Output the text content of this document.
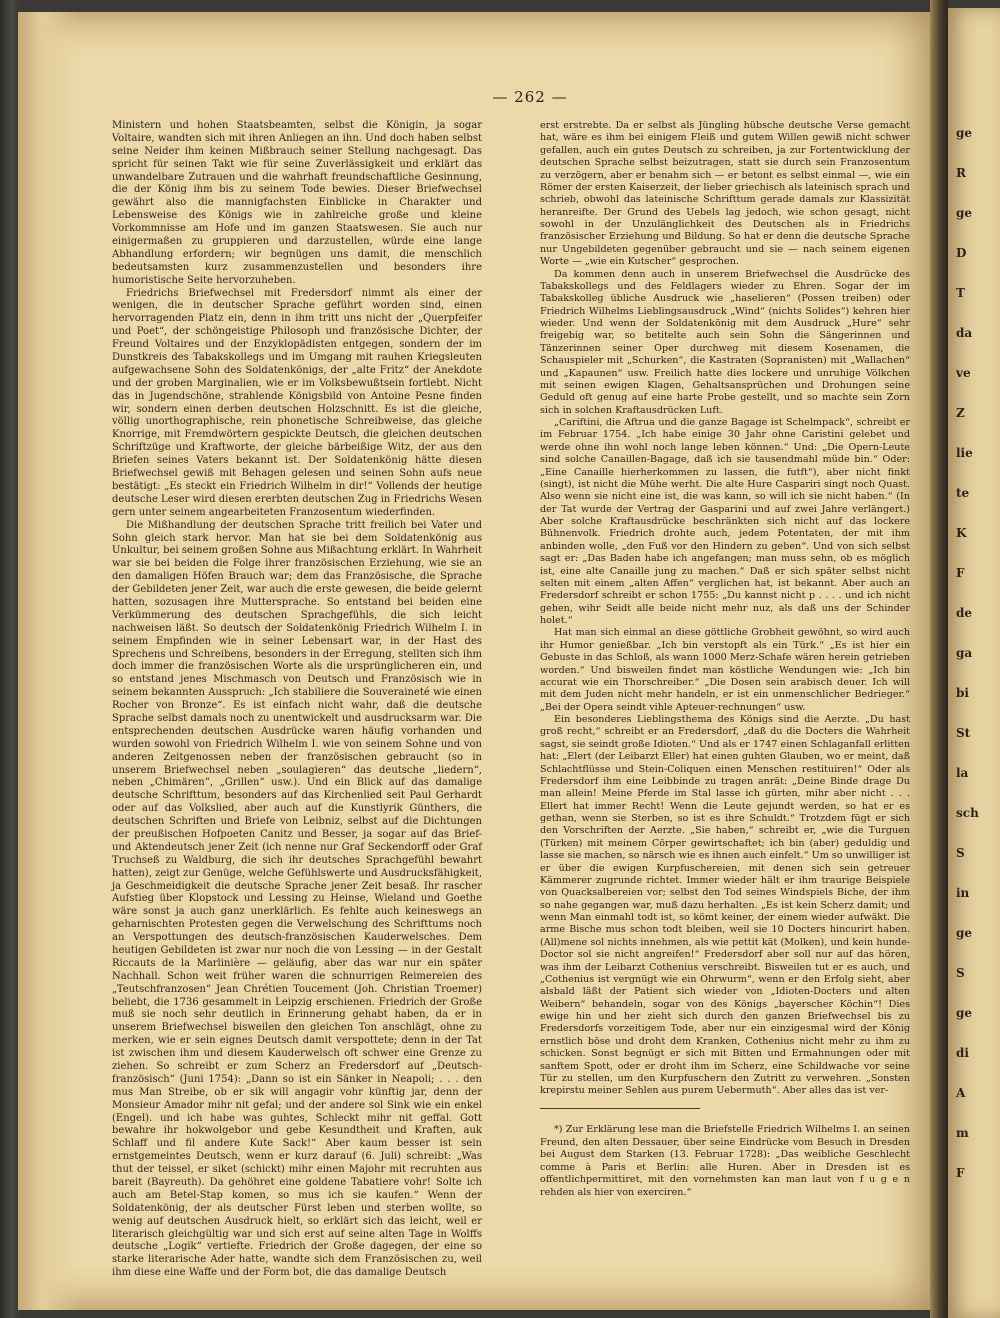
ge
R
ge
D
T
da
ve
Z
lie
te
K
F
de
ga
bi
St
la
sch
S
in
ge
S
ge
di
A
m
F
— 262 —

Ministern und hohen Staatsbeamten, selbst die Königin, ja sogar Voltaire, wandten sich mit ihren Anliegen an ihn. Und doch haben selbst seine Neider ihm keinen Mißbrauch seiner Stellung nachgesagt. Das spricht für seinen Takt wie für seine Zuverlässigkeit und erklärt das unwandelbare Zutrauen und die wahrhaft freundschaftliche Gesinnung, die der König ihm bis zu seinem Tode bewies. Dieser Briefwechsel gewährt also die mannigfachsten Einblicke in Charakter und Lebensweise des Königs wie in zahlreiche große und kleine Vorkommnisse am Hofe und im ganzen Staatswesen. Sie auch nur einigermaßen zu gruppieren und darzustellen, würde eine lange Abhandlung erfordern; wir begnügen uns damit, die menschlich bedeutsamsten kurz zusammenzustellen und besonders ihre humoristische Seite hervorzuheben.

Friedrichs Briefwechsel mit Fredersdorf nimmt als einer der wenigen, die in deutscher Sprache geführt worden sind, einen hervorragenden Platz ein, denn in ihm tritt uns nicht der „Querpfeifer und Poet“, der schöngeistige Philosoph und französische Dichter, der Freund Voltaires und der Enzyklopädisten entgegen, sondern der im Dunstkreis des Tabakskollegs und im Umgang mit rauhen Kriegsleuten aufgewachsene Sohn des Soldatenkönigs, der „alte Fritz“ der Anekdote und der groben Marginalien, wie er im Volksbewußtsein fortlebt. Nicht das in Jugendschöne, strahlende Königsbild von Antoine Pesne finden wir, sondern einen derben deutschen Holzschnitt. Es ist die gleiche, völlig unorthographische, rein phonetische Schreibweise, das gleiche Knorrige, mit Fremdwörtern gespickte Deutsch, die gleichen deutschen Schriftzüge und Kraftworte, der gleiche bärbeißige Witz, der aus den Briefen seines Vaters bekannt ist. Der Soldatenkönig hätte diesen Briefwechsel gewiß mit Behagen gelesen und seinen Sohn aufs neue bestätigt: „Es steckt ein Friedrich Wilhelm in dir!“ Vollends der heutige deutsche Leser wird diesen ererbten deutschen Zug in Friedrichs Wesen gern unter seinem angearbeiteten Franzosentum wiederfinden.

Die Mißhandlung der deutschen Sprache tritt freilich bei Vater und Sohn gleich stark hervor. Man hat sie bei dem Soldatenkönig aus Unkultur, bei seinem großen Sohne aus Mißachtung erklärt. In Wahrheit war sie bei beiden die Folge ihrer französischen Erziehung, wie sie an den damaligen Höfen Brauch war; dem das Französische, die Sprache der Gebildeten jener Zeit, war auch die erste gewesen, die beide gelernt hatten, sozusagen ihre Muttersprache. So entstand bei beiden eine Verkümmerung des deutschen Sprachgefühls, die sich leicht nachweisen läßt. So deutsch der Soldatenkönig Friedrich Wilhelm I. in seinem Empfinden wie in seiner Lebensart war, in der Hast des Sprechens und Schreibens, besonders in der Erregung, stellten sich ihm doch immer die französischen Worte als die ursprünglicheren ein, und so entstand jenes Mischmasch von Deutsch und Französisch wie in seinem bekannten Ausspruch: „Ich stabiliere die Souveraineté wie einen Rocher von Bronze“. Es ist einfach nicht wahr, daß die deutsche Sprache selbst damals noch zu unentwickelt und ausdrucksarm war. Die entsprechenden deutschen Ausdrücke waren häufig vorhanden und wurden sowohl von Friedrich Wilhelm I. wie von seinem Sohne und von anderen Zeitgenossen neben der französischen gebraucht (so in unserem Briefwechsel neben „soulagieren“ das deutsche „liedern“, neben „Chimären“, „Grillen“ usw.). Und ein Blick auf das damalige deutsche Schrifttum, besonders auf das Kirchenlied seit Paul Gerhardt oder auf das Volkslied, aber auch auf die Kunstlyrik Günthers, die deutschen Schriften und Briefe von Leibniz, selbst auf die Dichtungen der preußischen Hofpoeten Canitz und Besser, ja sogar auf das Brief- und Aktendeutsch jener Zeit (ich nenne nur Graf Seckendorff oder Graf Truchseß zu Waldburg, die sich ihr deutsches Sprachgefühl bewahrt hatten), zeigt zur Genüge, welche Gefühlswerte und Ausdrucksfähigkeit, ja Geschmeidigkeit die deutsche Sprache jener Zeit besaß. Ihr rascher Aufstieg über Klopstock und Lessing zu Heinse, Wieland und Goethe wäre sonst ja auch ganz unerklärlich. Es fehlte auch keineswegs an geharnischten Protesten gegen die Verwelschung des Schrifttums noch an Verspottungen des deutsch-französischen Kauderwelsches. Dem heutigen Gebildeten ist zwar nur noch die von Lessing — in der Gestalt Riccauts de la Marlinière — geläufig, aber das war nur ein später Nachhall. Schon weit früher waren die schnurrigen Reimereien des „Teutschfranzosen“ Jean Chrétien Toucement (Joh. Christian Troemer) beliebt, die 1736 gesammelt in Leipzig erschienen. Friedrich der Große muß sie noch sehr deutlich in Erinnerung gehabt haben, da er in unserem Briefwechsel bisweilen den gleichen Ton anschlägt, ohne zu merken, wie er sein eignes Deutsch damit verspottete; denn in der Tat ist zwischen ihm und diesem Kauderwelsch oft schwer eine Grenze zu ziehen. So schreibt er zum Scherz an Fredersdorf auf „Deutsch-französisch“ (Juni 1754): „Dann so ist ein Sänker in Neapoli; . . . den mus Man Streibe, ob er sik will angagir vohr künftig jar, denn der Monsieur Amador mihr nit gefal; und der andere sol Sink wie ein enkel (Engel). und ich habe was guhtes, Schleckt mihr nit geffal. Gott bewahre ihr hokwolgebor und gebe Kesundtheit und Kraften, auk Schlaff und fil andere Kute Sack!“ Aber kaum besser ist sein ernstgemeintes Deutsch, wenn er kurz darauf (6. Juli) schreibt: „Was thut der teissel, er siket (schickt) mihr einen Majohr mit recruhten aus bareit (Bayreuth). Da gehöhret eine goldene Tabatiere vohr! Solte ich auch am Betel-Stap komen, so mus ich sie kaufen.“ Wenn der Soldatenkönig, der als deutscher Fürst leben und sterben wollte, so wenig auf deutschen Ausdruck hielt, so erklärt sich das leicht, weil er literarisch gleichgültig war und sich erst auf seine alten Tage in Wolffs deutsche „Logik“ vertiefte. Friedrich der Große dagegen, der eine so starke literarische Ader hatte, wandte sich dem Französischen zu, weil ihm diese eine Waffe und der Form bot, die das damalige Deutsch

erst erstrebte. Da er selbst als Jüngling hübsche deutsche Verse gemacht hat, wäre es ihm bei einigem Fleiß und gutem Willen gewiß nicht schwer gefallen, auch ein gutes Deutsch zu schreiben, ja zur Fortentwicklung der deutschen Sprache selbst beizutragen, statt sie durch sein Franzosentum zu verzögern, aber er benahm sich — er betont es selbst einmal —, wie ein Römer der ersten Kaiserzeit, der lieber griechisch als lateinisch sprach und schrieb, obwohl das lateinische Schrifttum gerade damals zur Klassizität heranreifte. Der Grund des Uebels lag jedoch, wie schon gesagt, nicht sowohl in der Unzulänglichkeit des Deutschen als in Friedrichs französischer Erziehung und Bildung. So hat er denn die deutsche Sprache nur Ungebildeten gegenüber gebraucht und sie — nach seinem eigenen Worte — „wie ein Kutscher“ gesprochen.

Da kommen denn auch in unserem Briefwechsel die Ausdrücke des Tabakskollegs und des Feldlagers wieder zu Ehren. Sogar der im Tabakskolleg übliche Ausdruck wie „haselieren“ (Possen treiben) oder Friedrich Wilhelms Lieblingsausdruck „Wind“ (nichts Solides“) kehren hier wieder. Und wenn der Soldatenkönig mit dem Ausdruck „Hure“ sehr freigebig war, so betitelte auch sein Sohn die Sängerinnen und Tänzerinnen seiner Oper durchweg mit diesem Kosenamen, die Schauspieler mit „Schurken“, die Kastraten (Sopranisten) mit „Wallachen“ und „Kapaunen“ usw. Freilich hatte dies lockere und unruhige Völkchen mit seinen ewigen Klagen, Gehaltsansprüchen und Drohungen seine Geduld oft genug auf eine harte Probe gestellt, und so machte sein Zorn sich in solchen Kraftausdrücken Luft.

„Cariftini, die Aftrua und die ganze Bagage ist Schelmpack“, schreibt er im Februar 1754. „Ich habe einige 30 Jahr ohne Caristini gelebet und werde ohne ihn wohl noch lange leben können.“ Und: „Die Opern-Leute sind solche Canaillen-Bagage, daß ich sie tausendmahl müde bin.“ Oder: „Eine Canaille hierherkommen zu lassen, die futft“), aber nicht finkt (singt), ist nicht die Mühe werht. Die alte Hure Caspariri singt noch Quast. Also wenn sie nicht eine ist, die was kann, so will ich sie nicht haben.“ (In der Tat wurde der Vertrag der Gasparini und auf zwei Jahre verlängert.) Aber solche Kraftausdrücke beschränkten sich nicht auf das lockere Bühnenvolk. Friedrich drohte auch, jedem Potentaten, der mit ihm anbinden wolle, „den Fuß vor den Hindern zu geben“. Und von sich selbst sagt er: „Das Baden habe ich angefangen; man muss sehn, ob es möglich ist, eine alte Canaille jung zu machen.“ Daß er sich später selbst nicht selten mit einem „alten Affen“ verglichen hat, ist bekannt. Aber auch an Fredersdorf schreibt er schon 1755: „Du kannst nicht p . . . . und ich nicht gehen, wihr Seidt alle beide nicht mehr nuz, als daß uns der Schinder holet.“

Hat man sich einmal an diese göttliche Grobheit gewöhnt, so wird auch ihr Humor genießbar. „Ich bin verstopft als ein Türk.“ „Es ist hier ein Gebuste in das Schloß, als wann 1000 Merz-Schafe wären herein getrieben worden.“ Und bisweilen findet man köstliche Wendungen wie: „Ich bin accurat wie ein Thorschreiber.“ „Die Dosen sein arabisch deuer. Ich will mit dem Juden nicht mehr handeln, er ist ein unmenschlicher Bedrieger.“ „Bei der Opera seindt vihle Apteuer-rechnungen“ usw.

Ein besonderes Lieblingsthema des Königs sind die Aerzte. „Du hast groß recht,“ schreibt er an Fredersdorf, „daß du die Docters die Wahrheit sagst, sie seindt große Idioten.“ Und als er 1747 einen Schlaganfall erlitten hat: „Elert (der Leibarzt Eller) hat einen guhten Glauben, wo er meint, daß Schlachtflüsse und Stein-Coliquen einen Menschen restituiren!“ Oder als Fredersdorf ihm eine Leibbinde zu tragen anrät: „Deine Binde drage Du man allein! Meine Pferde im Stal lasse ich gürten, mihr aber nicht . . . Ellert hat immer Recht! Wenn die Leute gejundt werden, so hat er es gethan, wenn sie Sterben, so ist es ihre Schuldt.“ Trotzdem fügt er sich den Vorschriften der Aerzte. „Sie haben,“ schreibt er, „wie die Turguen (Türken) mit meinem Cörper gewirtschaftet; ich bin (aber) geduldig und lasse sie machen, so närsch wie es ihnen auch einfelt.“ Um so unwilliger ist er über die ewigen Kurpfuschereien, mit denen sich sein getreuer Kämmerer zugrunde richtet. Immer wieder hält er ihm traurige Beispiele von Quacksalbereien vor; selbst den Tod seines Windspiels Biche, der ihm so nahe gegangen war, muß dazu herhalten. „Es ist kein Scherz damit; und wenn Man einmahl todt ist, so kömt keiner, der einem wieder aufwäkt. Die arme Bische mus schon todt bleiben, weil sie 10 Docters hincurirt haben. (All)mene sol nichts innehmen, als wie pettit kät (Molken), und kein hunde-Doctor sol sie nicht angreifen!“ Fredersdorf aber soll nur auf das hören, was ihm der Leibarzt Cothenius verschreibt. Bisweilen tut er es auch, und „Cothenius ist vergnügt wie ein Ohrwurm“, wenn er den Erfolg sieht, aber alsbald läßt der Patient sich wieder von „Idioten-Docters und alten Weibern“ behandeln, sogar von des Königs „bayerscher Köchin“! Dies ewige hin und her zieht sich durch den ganzen Briefwechsel bis zu Fredersdorfs vorzeitigem Tode, aber nur ein einzigesmal wird der König ernstlich böse und droht dem Kranken, Cothenius nicht mehr zu ihm zu schicken. Sonst begnügt er sich mit Bitten und Ermahnungen oder mit sanftem Spott, oder er droht ihm im Scherz, eine Schildwache vor seine Tür zu stellen, um den Kurpfuschern den Zutritt zu verwehren. „Sonsten krepirstu meiner Sehlen aus purem Uebermuth“. Aber alles das ist ver-

*) Zur Erklärung lese man die Briefstelle Friedrich Wilhelms I. an seinen Freund, den alten Dessauer, über seine Eindrücke vom Besuch in Dresden bei August dem Starken (13. Februar 1728): „Das weibliche Geschlecht comme à Paris et Berlin: alle Huren. Aber in Dresden ist es offentlichpermittiret, mit den vornehmsten kan man laut von f u g e n rehden als hier von exerciren.“
